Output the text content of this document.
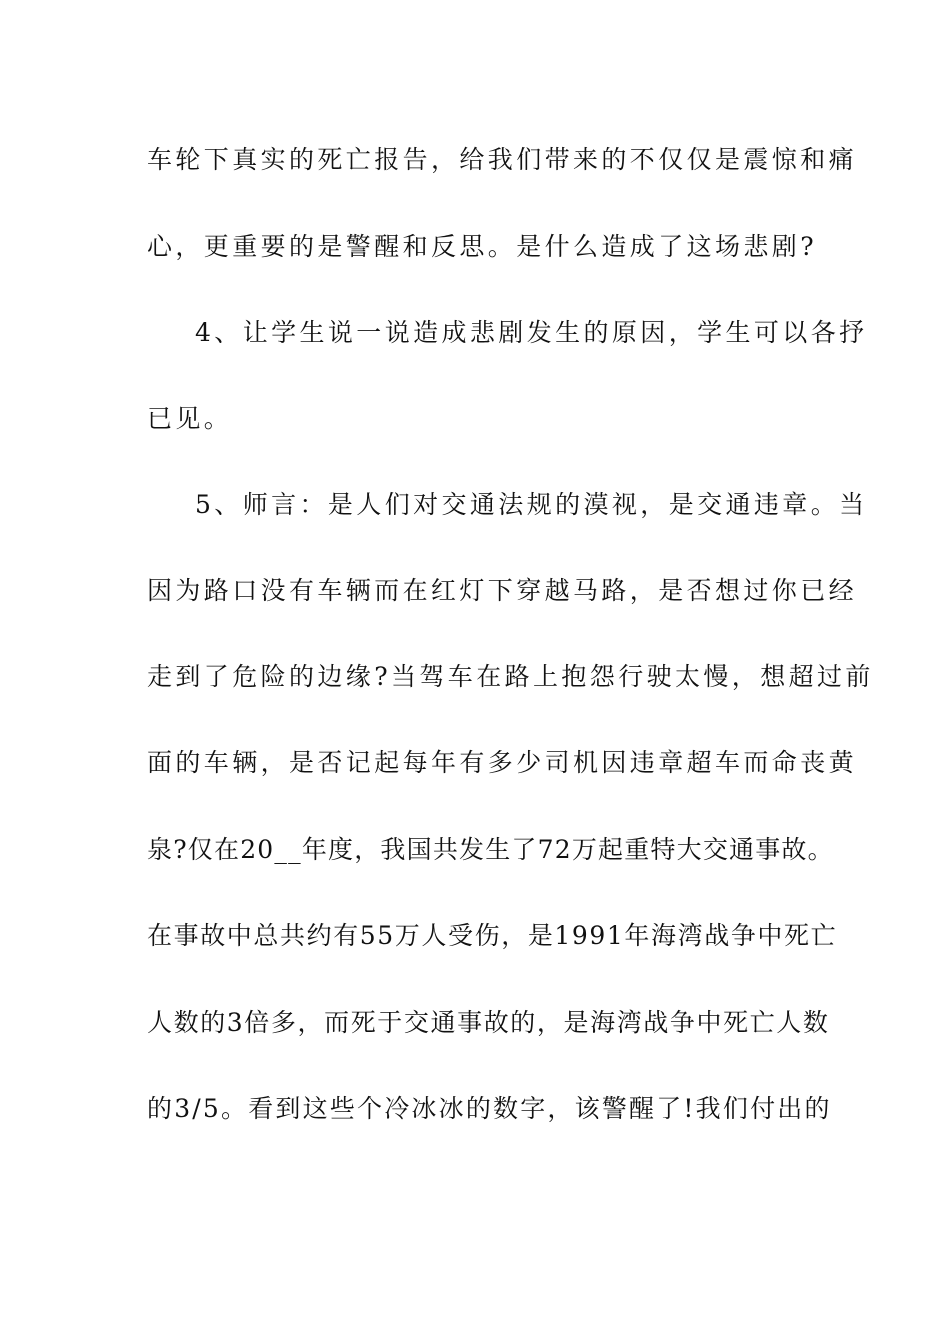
车轮下真实的死亡报告，给我们带来的不仅仅是震惊和痛
心，更重要的是警醒和反思。是什么造成了这场悲剧?
4、让学生说一说造成悲剧发生的原因，学生可以各抒
已见。
5、师言：是人们对交通法规的漠视，是交通违章。当
因为路口没有车辆而在红灯下穿越马路，是否想过你已经
走到了危险的边缘?当驾车在路上抱怨行驶太慢，想超过前
面的车辆，是否记起每年有多少司机因违章超车而命丧黄
泉?仅在20__年度，我国共发生了72万起重特大交通事故。
在事故中总共约有55万人受伤，是1991年海湾战争中死亡
人数的3倍多，而死于交通事故的，是海湾战争中死亡人数
的3/5。看到这些个冷冰冰的数字，该警醒了!我们付出的
